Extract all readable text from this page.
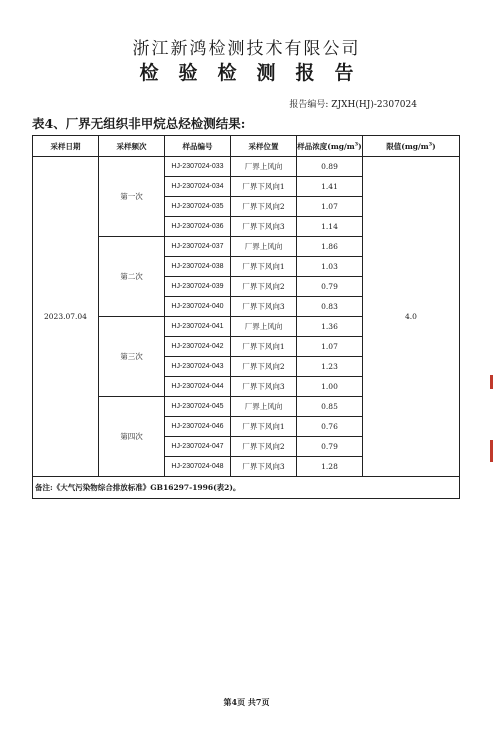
浙江新鸿检测技术有限公司
检验检测报告
报告编号: ZJXH(HJ)-2307024
表4、厂界无组织非甲烷总烃检测结果:
采样日期	采样频次	样品编号	采样位置	样品浓度$(mg/m^3)$	限值$(mg/m^3)$
2023.07.04	第一次	HJ-2307024-033	厂界上风向	0.89	4.0
		HJ-2307024-034	厂界下风向1	1.41	
		HJ-2307024-035	厂界下风向2	1.07	
		HJ-2307024-036	厂界下风向3	1.14	
	第二次	HJ-2307024-037	厂界上风向	1.86	
		HJ-2307024-038	厂界下风向1	1.03	
		HJ-2307024-039	厂界下风向2	0.79	
		HJ-2307024-040	厂界下风向3	0.83	
	第三次	HJ-2307024-041	厂界上风向	1.36	
		HJ-2307024-042	厂界下风向1	1.07	
		HJ-2307024-043	厂界下风向2	1.23	
		HJ-2307024-044	厂界下风向3	1.00	
	第四次	HJ-2307024-045	厂界上风向	0.85	
		HJ-2307024-046	厂界下风向1	0.76	
		HJ-2307024-047	厂界下风向2	0.79	
		HJ-2307024-048	厂界下风向3	1.28	
备注:《大气污染物综合排放标准》GB16297-1996(表2)。					
第4页 共7页
